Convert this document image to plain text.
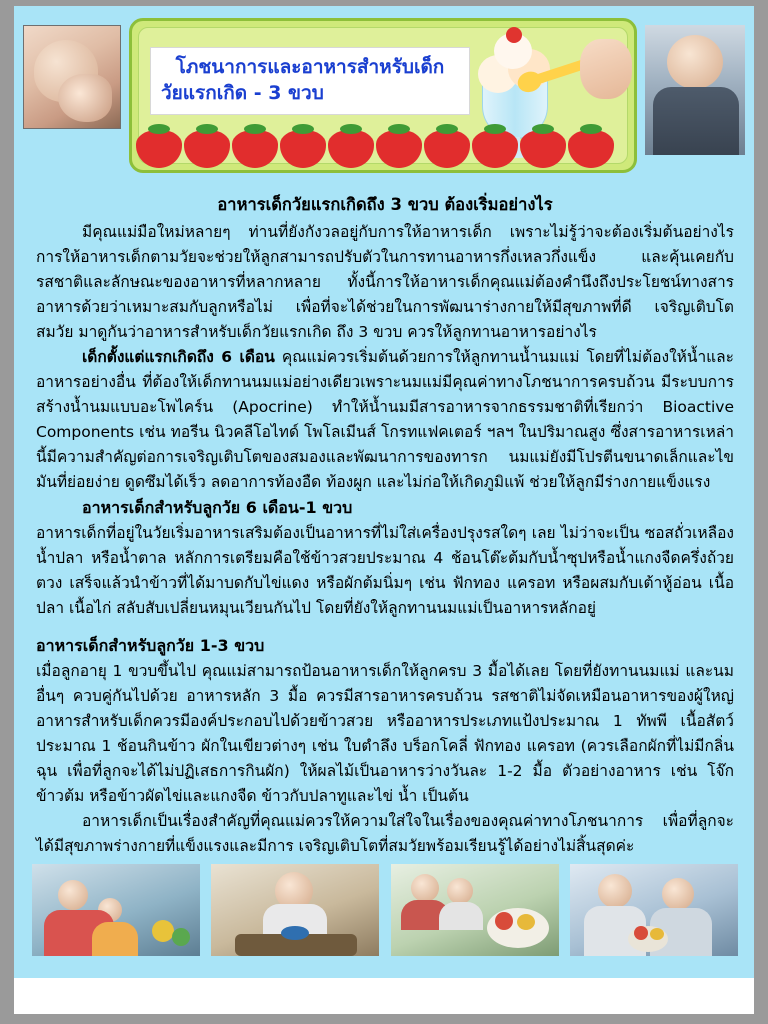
โภชนาการและอาหารสำหรับเด็ก
วัยแรกเกิด - 3 ขวบ

อาหารเด็กวัยแรกเกิดถึง 3 ขวบ ต้องเริ่มอย่างไร

มีคุณแม่มือใหม่หลายๆ ท่านที่ยังกังวลอยู่กับการให้อาหารเด็ก เพราะไม่รู้ว่าจะต้องเริ่มต้นอย่างไร การให้อาหารเด็กตามวัยจะช่วยให้ลูกสามารถปรับตัวในการทานอาหารกึ่งเหลวกึ่งแข็ง และคุ้นเคยกับรสชาติและลักษณะของอาหารที่หลากหลาย ทั้งนี้การให้อาหารเด็กคุณแม่ต้องคำนึงถึงประโยชน์ทางสารอาหารด้วยว่าเหมาะสมกับลูกหรือไม่ เพื่อที่จะได้ช่วยในการพัฒนาร่างกายให้มีสุขภาพที่ดี เจริญเติบโตสมวัย มาดูกันว่าอาหารสำหรับเด็กวัยแรกเกิด ถึง 3 ขวบ ควรให้ลูกทานอาหารอย่างไร

เด็กตั้งแต่แรกเกิดถึง 6 เดือน คุณแม่ควรเริ่มต้นด้วยการให้ลูกทานน้ำนมแม่ โดยที่ไม่ต้องให้น้ำและอาหารอย่างอื่น ที่ต้องให้เด็กทานนมแม่อย่างเดียวเพราะนมแม่มีคุณค่าทางโภชนาการครบถ้วน มีระบบการสร้างน้ำนมแบบอะโพไคร์น (Apocrine) ทำให้น้ำนมมีสารอาหารจากธรรมชาติที่เรียกว่า Bioactive Components เช่น ทอรีน นิวคลีโอไทด์ โพโลเมีนส์ โกรทแฟคเตอร์ ฯลฯ ในปริมาณสูง ซึ่งสารอาหารเหล่านี้มีความสำคัญต่อการเจริญเติบโตของสมองและพัฒนาการของทารก นมแม่ยังมีโปรตีนขนาดเล็กและไขมันที่ย่อยง่าย ดูดซึมได้เร็ว ลดอาการท้องอืด ท้องผูก และไม่ก่อให้เกิดภูมิแพ้ ช่วยให้ลูกมีร่างกายแข็งแรง

อาหารเด็กสำหรับลูกวัย 6 เดือน-1 ขวบ

อาหารเด็กที่อยู่ในวัยเริ่มอาหารเสริมต้องเป็นอาหารที่ไม่ใส่เครื่องปรุงรสใดๆ เลย ไม่ว่าจะเป็น ซอสถั่วเหลือง น้ำปลา หรือน้ำตาล หลักการเตรียมคือใช้ข้าวสวยประมาณ 4 ช้อนโต๊ะต้มกับน้ำซุปหรือน้ำแกงจืดครึ่งถ้วยตวง เสร็จแล้วนำข้าวที่ได้มาบดกับไข่แดง หรือผักต้มนิ่มๆ เช่น ฟักทอง แครอท หรือผสมกับเต้าหู้อ่อน เนื้อปลา เนื้อไก่ สลับสับเปลี่ยนหมุนเวียนกันไป โดยที่ยังให้ลูกทานนมแม่เป็นอาหารหลักอยู่

อาหารเด็กสำหรับลูกวัย 1-3 ขวบ

เมื่อลูกอายุ 1 ขวบขึ้นไป คุณแม่สามารถป้อนอาหารเด็กให้ลูกครบ 3 มื้อได้เลย โดยที่ยังทานนมแม่ และนมอื่นๆ ควบคู่กันไปด้วย อาหารหลัก 3 มื้อ ควรมีสารอาหารครบถ้วน รสชาติไม่จัดเหมือนอาหารของผู้ใหญ่ อาหารสำหรับเด็กควรมีองค์ประกอบไปด้วยข้าวสวย หรืออาหารประเภทแป้งประมาณ 1 ทัพพี เนื้อสัตว์ประมาณ 1 ช้อนกินข้าว ผักในเขียวต่างๆ เช่น ใบตำลึง บร็อกโคลี่ ฟักทอง แครอท (ควรเลือกผักที่ไม่มีกลิ่นฉุน เพื่อที่ลูกจะได้ไม่ปฏิเสธการกินผัก) ให้ผลไม้เป็นอาหารว่างวันละ 1-2 มื้อ ตัวอย่างอาหาร เช่น โจ๊ก ข้าวต้ม หรือข้าวผัดไข่และแกงจืด ข้าวกับปลาทูและไข่ น้ำ เป็นต้น

อาหารเด็กเป็นเรื่องสำคัญที่คุณแม่ควรให้ความใส่ใจในเรื่องของคุณค่าทางโภชนาการ เพื่อที่ลูกจะได้มีสุขภาพร่างกายที่แข็งแรงและมีการ เจริญเติบโตที่สมวัยพร้อมเรียนรู้ได้อย่างไม่สิ้นสุดค่ะ
